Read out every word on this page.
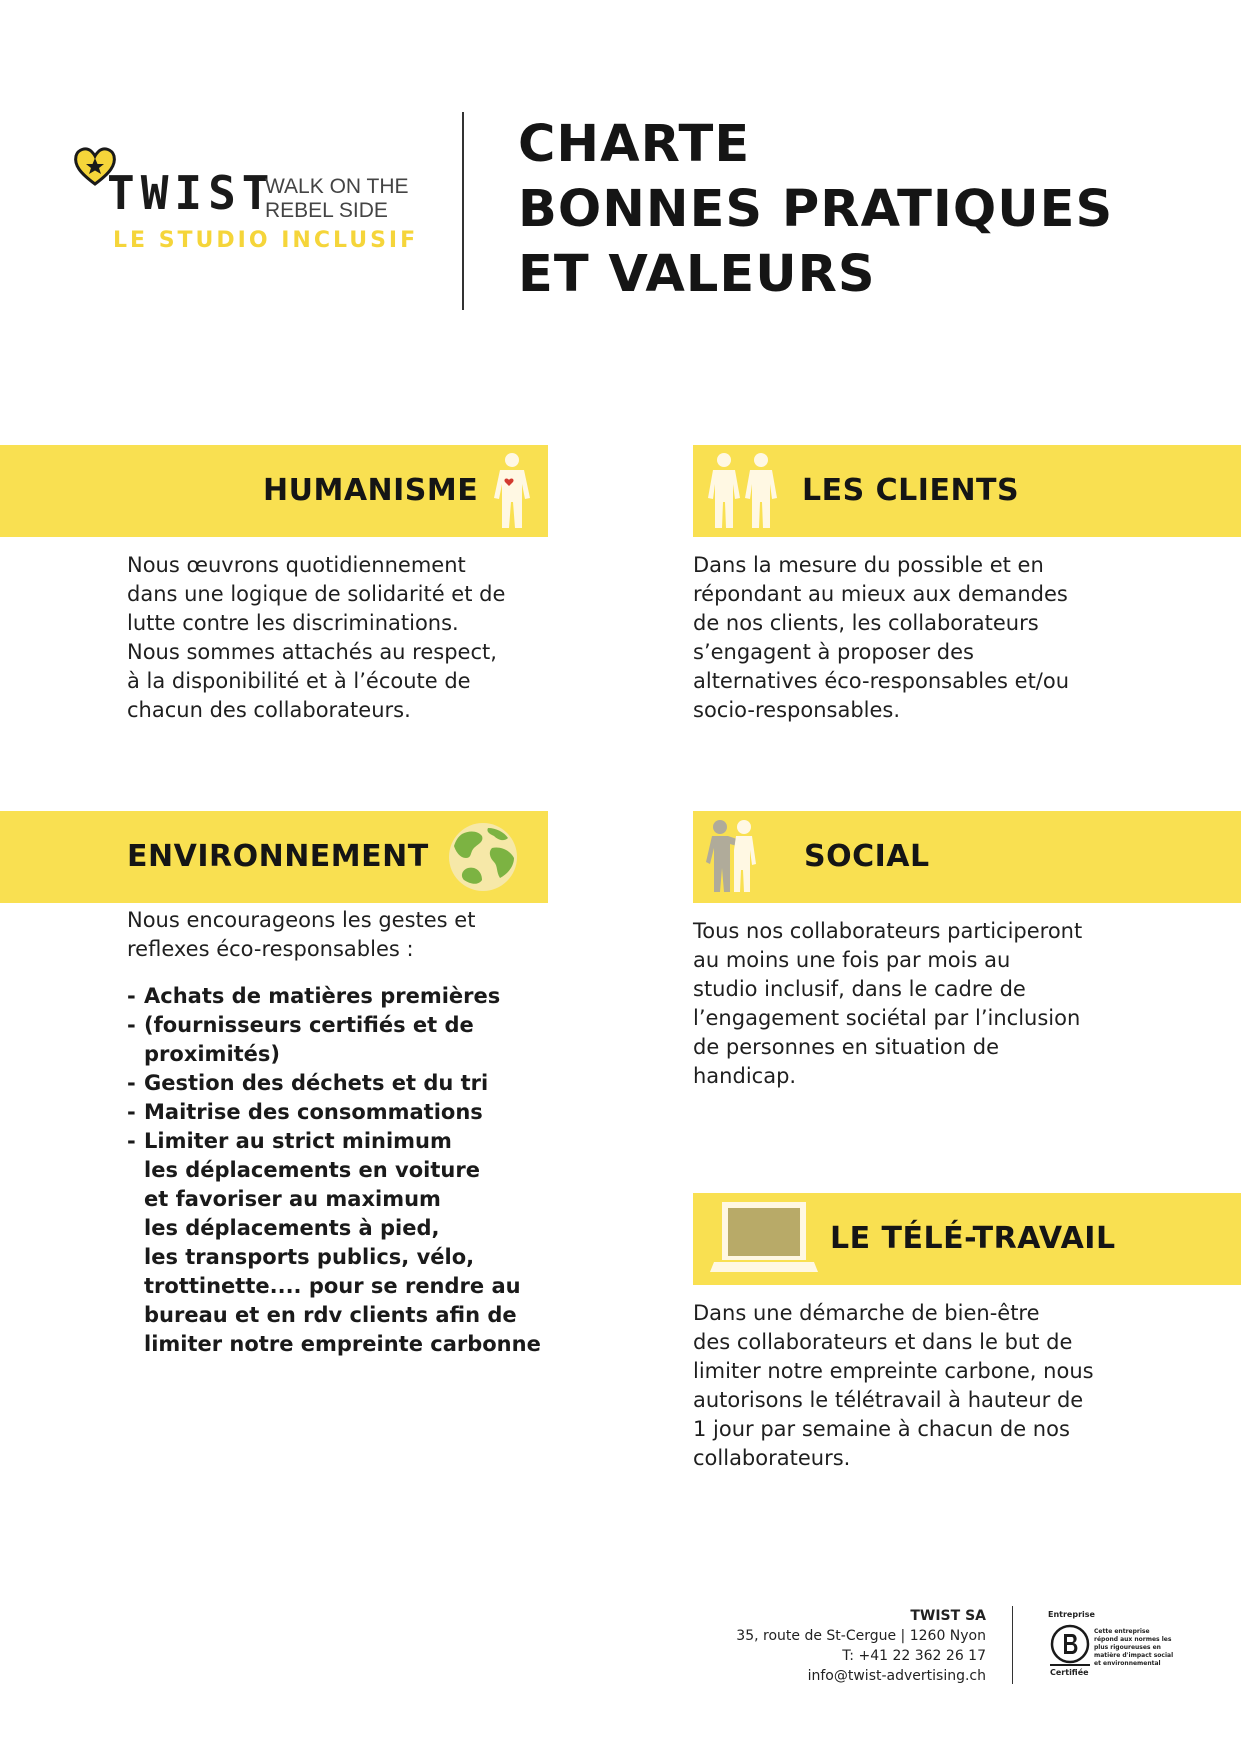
TWIST
WALK ON THE
REBEL SIDE
LE STUDIO INCLUSIF
CHARTE
BONNES PRATIQUES
ET VALEURS
HUMANISME
Nous œuvrons quotidiennement
dans une logique de solidarité et de
lutte contre les discriminations.
Nous sommes attachés au respect,
à la disponibilité et à l’écoute de
chacun des collaborateurs.
LES CLIENTS
Dans la mesure du possible et en
répondant au mieux aux demandes
de nos clients, les collaborateurs
s’engagent à proposer des
alternatives éco-responsables et/ou
socio-responsables.
ENVIRONNEMENT
Nous encourageons les gestes et
reflexes éco-responsables :
- Achats de matières premières
- (fournisseurs certifiés et de
proximités)
- Gestion des déchets et du tri
- Maitrise des consommations
- Limiter au strict minimum
les déplacements en voiture
et favoriser au maximum
les déplacements à pied,
les transports publics, vélo,
trottinette.... pour se rendre au
bureau et en rdv clients afin de
limiter notre empreinte carbonne
SOCIAL
Tous nos collaborateurs participeront
au moins une fois par mois au
studio inclusif, dans le cadre de
l’engagement sociétal par l’inclusion
de personnes en situation de
handicap.
LE TÉLÉ-TRAVAIL
Dans une démarche de bien-être
des collaborateurs et dans le but de
limiter notre empreinte carbone, nous
autorisons le télétravail à hauteur de
1 jour par semaine à chacun de nos
collaborateurs.
TWIST SA
35, route de St-Cergue | 1260 Nyon
T: +41 22 362 26 17
info@twist-advertising.ch
Entreprise
Cette entreprise répond aux normes les plus rigoureuses en matière d'impact social et environnemental
Certifiée
